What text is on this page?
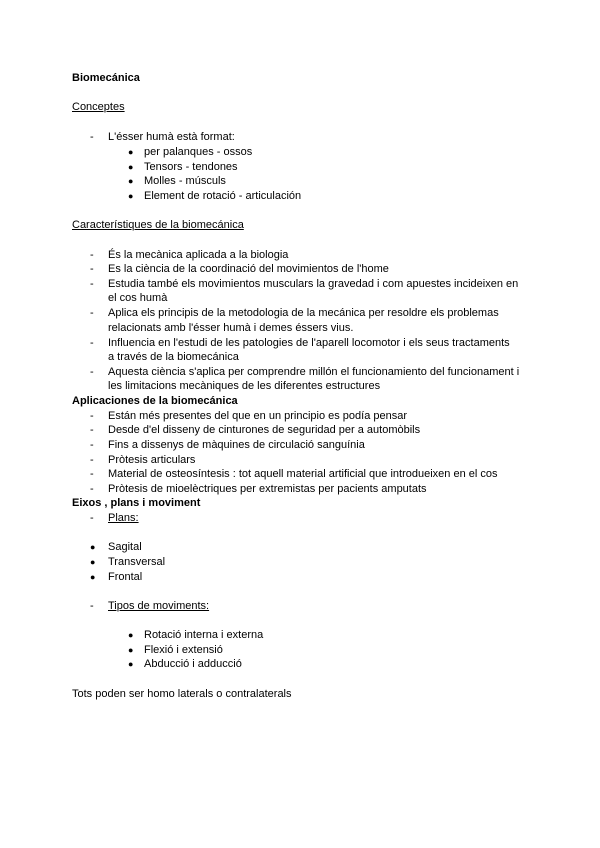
Biomecánica
Conceptes
- L'ésser humà està format:
● per palanques - ossos
● Tensors - tendones
● Molles - músculs
● Element de rotació - articulación
Característiques de la biomecánica
- És la mecànica aplicada a la biologia
- Es la ciència de la coordinació del movimientos de l'home
- Estudia també els movimientos musculars la gravedad i com apuestes incideixen en
el cos humà
- Aplica els principis de la metodologia de la mecánica per resoldre els problemas
relacionats amb l'ésser humà i demes éssers vius.
- Influencia en l'estudi de les patologies de l'aparell locomotor i els seus tractaments
a través de la biomecánica
- Aquesta ciència s'aplica per comprendre millón el funcionamiento del funcionament i
les limitacions mecàniques de les diferentes estructures
Aplicaciones de la biomecánica
- Están més presentes del que en un principio es podía pensar
- Desde d'el disseny de cinturones de seguridad per a automòbils
- Fins a dissenys de màquines de circulació sanguínia
- Pròtesis articulars
- Material de osteosíntesis : tot aquell material artificial que introdueixen en el cos
- Pròtesis de mioelèctriques per extremistas per pacients amputats
Eixos , plans i moviment
- Plans:
● Sagital
● Transversal
● Frontal
- Tipos de moviments:
● Rotació interna i externa
● Flexió i extensió
● Abducció i adducció
Tots poden ser homo laterals o contralaterals
